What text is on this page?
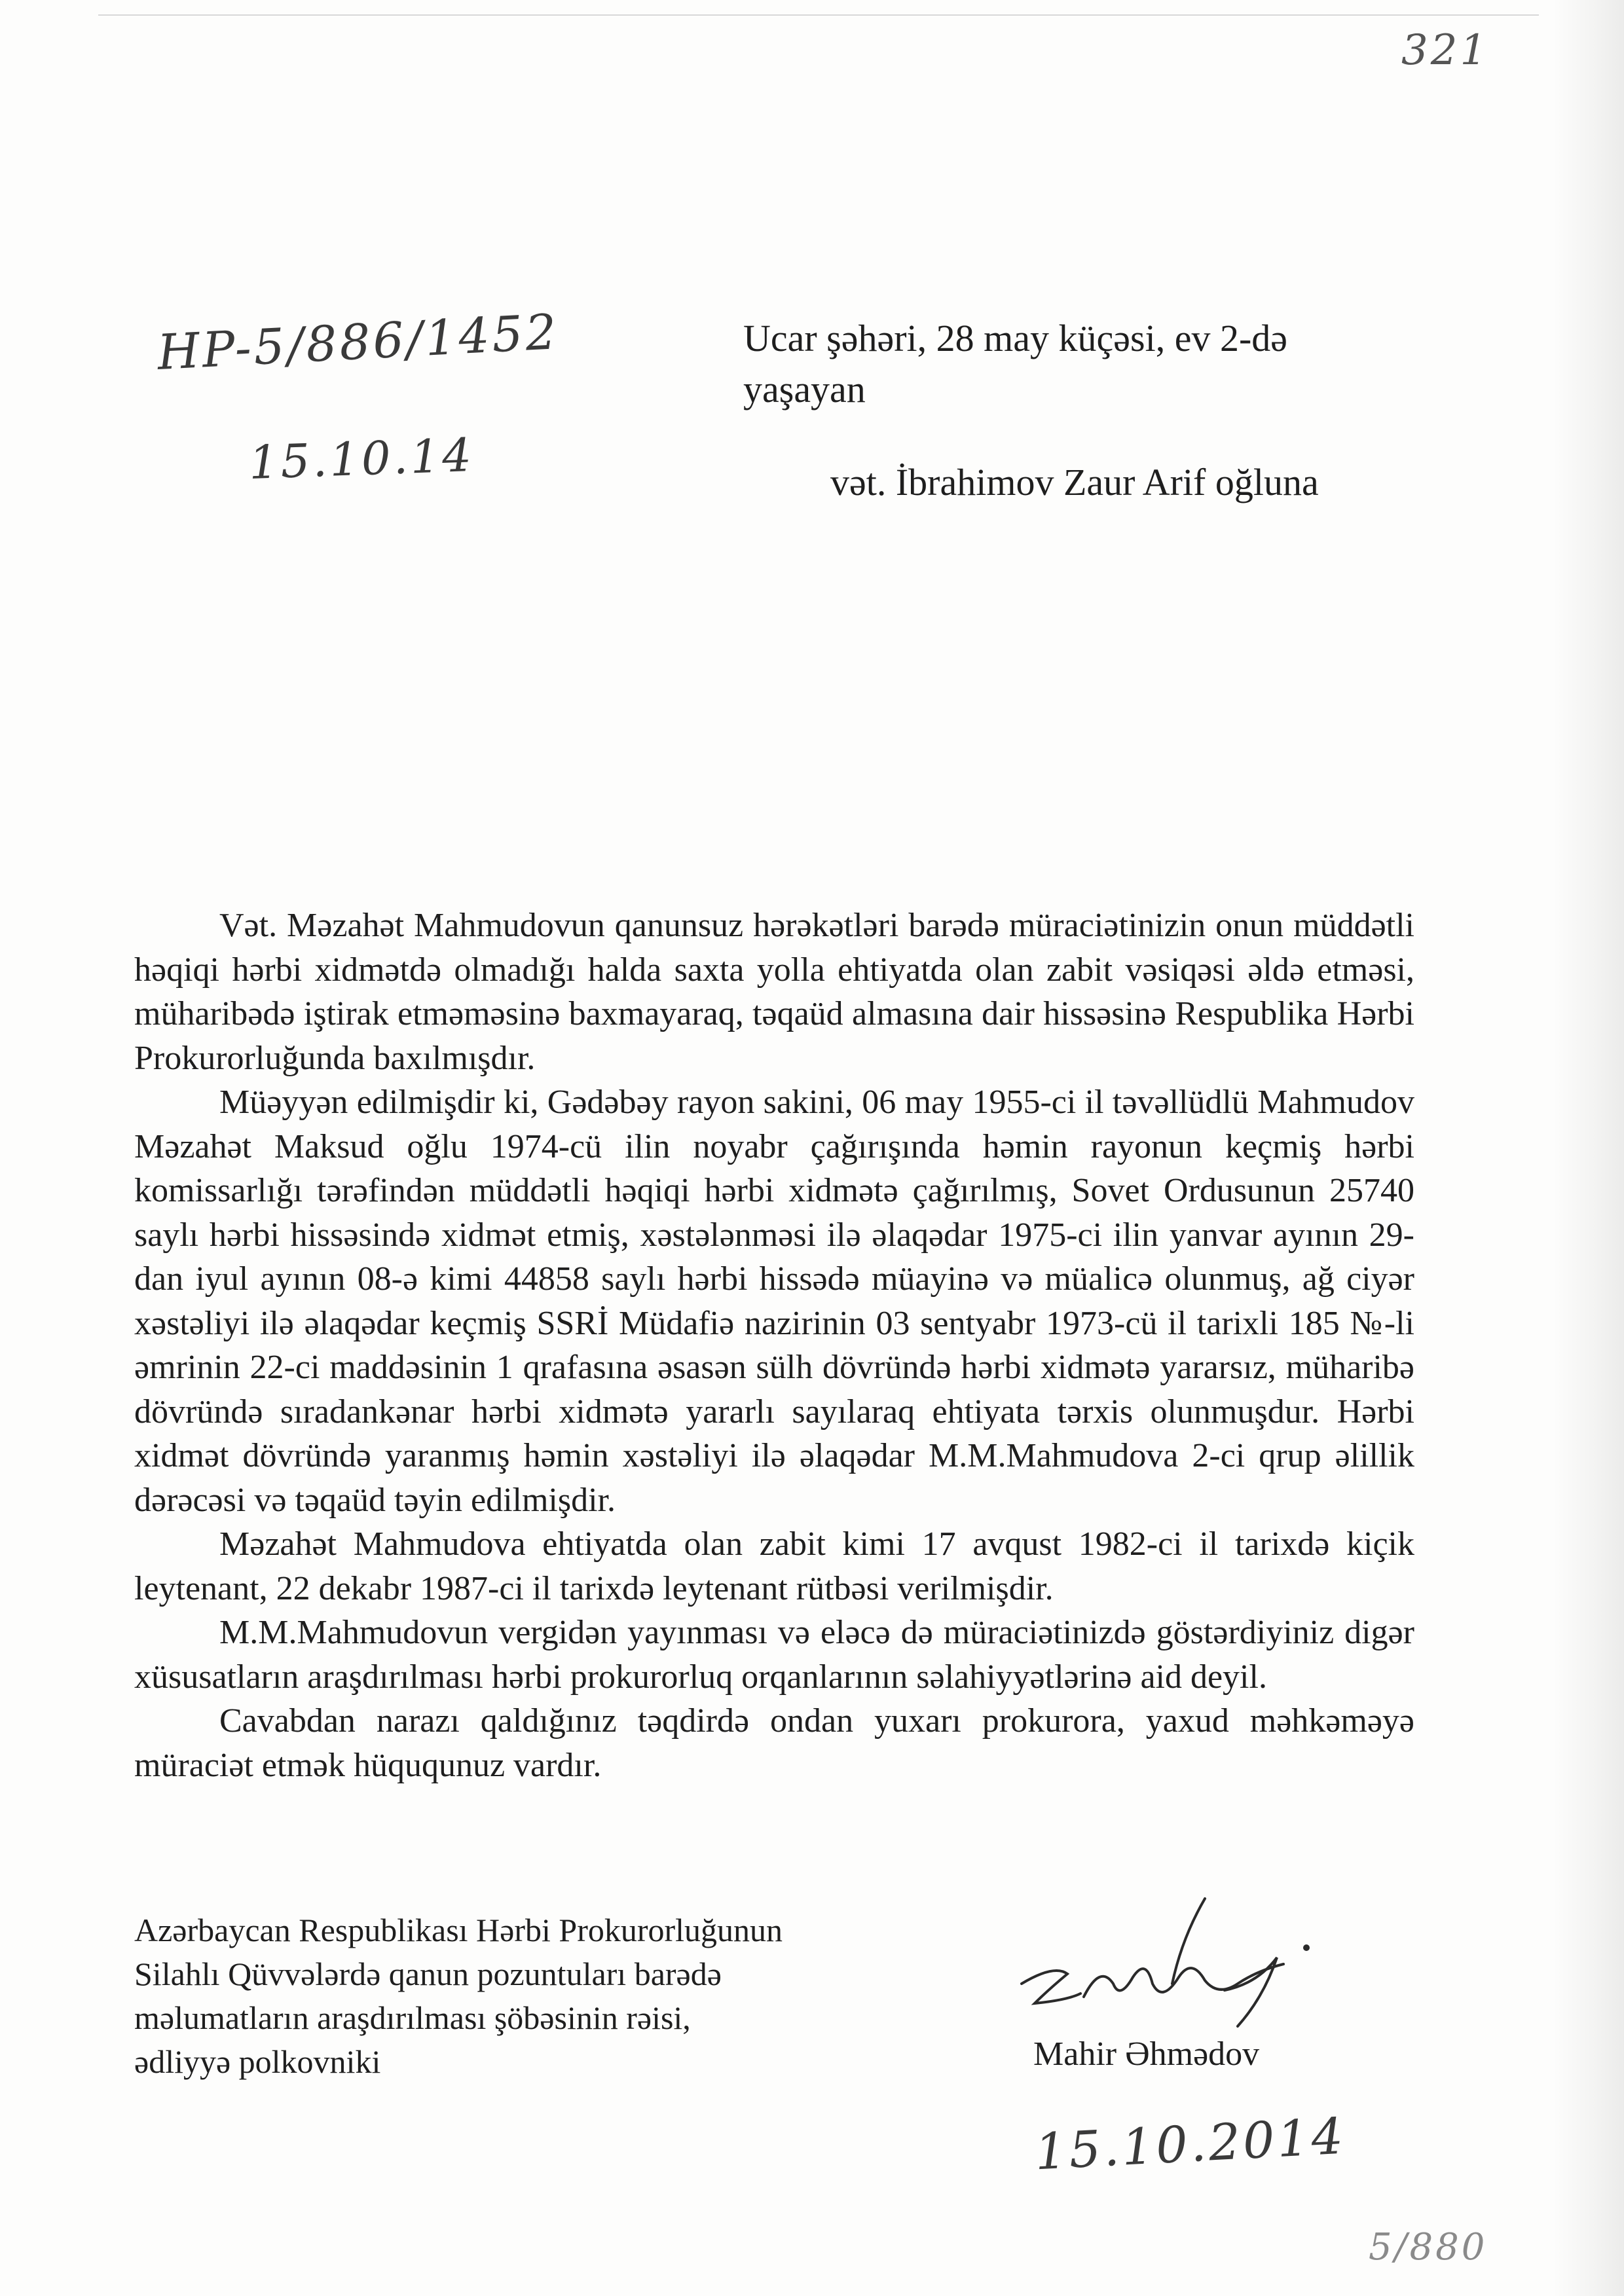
321
HP-5/886/1452
15.10.14
Ucar şəhəri, 28 may küçəsi, ev 2-də
yaşayan
vət. İbrahimov Zaur Arif oğluna

Vət. Məzahət Mahmudovun qanunsuz hərəkətləri barədə müraciətinizin onun müddətli həqiqi hərbi xidmətdə olmadığı halda saxta yolla ehtiyatda olan zabit vəsiqəsi əldə etməsi, müharibədə iştirak etməməsinə baxmayaraq, təqaüd almasına dair hissəsinə Respublika Hərbi Prokurorluğunda baxılmışdır.

Müəyyən edilmişdir ki, Gədəbəy rayon sakini, 06 may 1955-ci il təvəllüdlü Mahmudov Məzahət Maksud oğlu 1974-cü ilin noyabr çağırışında həmin rayonun keçmiş hərbi komissarlığı tərəfindən müddətli həqiqi hərbi xidmətə çağırılmış, Sovet Ordusunun 25740 saylı hərbi hissəsində xidmət etmiş, xəstələnməsi ilə əlaqədar 1975-ci ilin yanvar ayının 29-dan iyul ayının 08-ə kimi 44858 saylı hərbi hissədə müayinə və müalicə olunmuş, ağ ciyər xəstəliyi ilə əlaqədar keçmiş SSRİ Müdafiə nazirinin 03 sentyabr 1973-cü il tarixli 185 №-li əmrinin 22-ci maddəsinin 1 qrafasına əsasən sülh dövründə hərbi xidmətə yararsız, müharibə dövründə sıradankənar hərbi xidmətə yararlı sayılaraq ehtiyata tərxis olunmuşdur. Hərbi xidmət dövründə yaranmış həmin xəstəliyi ilə əlaqədar M.M.Mahmudova 2-ci qrup əlillik dərəcəsi və təqaüd təyin edilmişdir.

Məzahət Mahmudova ehtiyatda olan zabit kimi 17 avqust 1982-ci il tarixdə kiçik leytenant, 22 dekabr 1987-ci il tarixdə leytenant rütbəsi verilmişdir.

M.M.Mahmudovun vergidən yayınması və eləcə də müraciətinizdə göstərdiyiniz digər xüsusatların araşdırılması hərbi prokurorluq orqanlarının səlahiyyətlərinə aid deyil.

Cavabdan narazı qaldığınız təqdirdə ondan yuxarı prokurora, yaxud məhkəməyə müraciət etmək hüququnuz vardır.

Azərbaycan Respublikası Hərbi Prokurorluğunun
Silahlı Qüvvələrdə qanun pozuntuları barədə
məlumatların araşdırılması şöbəsinin rəisi,
ədliyyə polkovniki	Mahir Əhmədov
15.10.2014
5/880
